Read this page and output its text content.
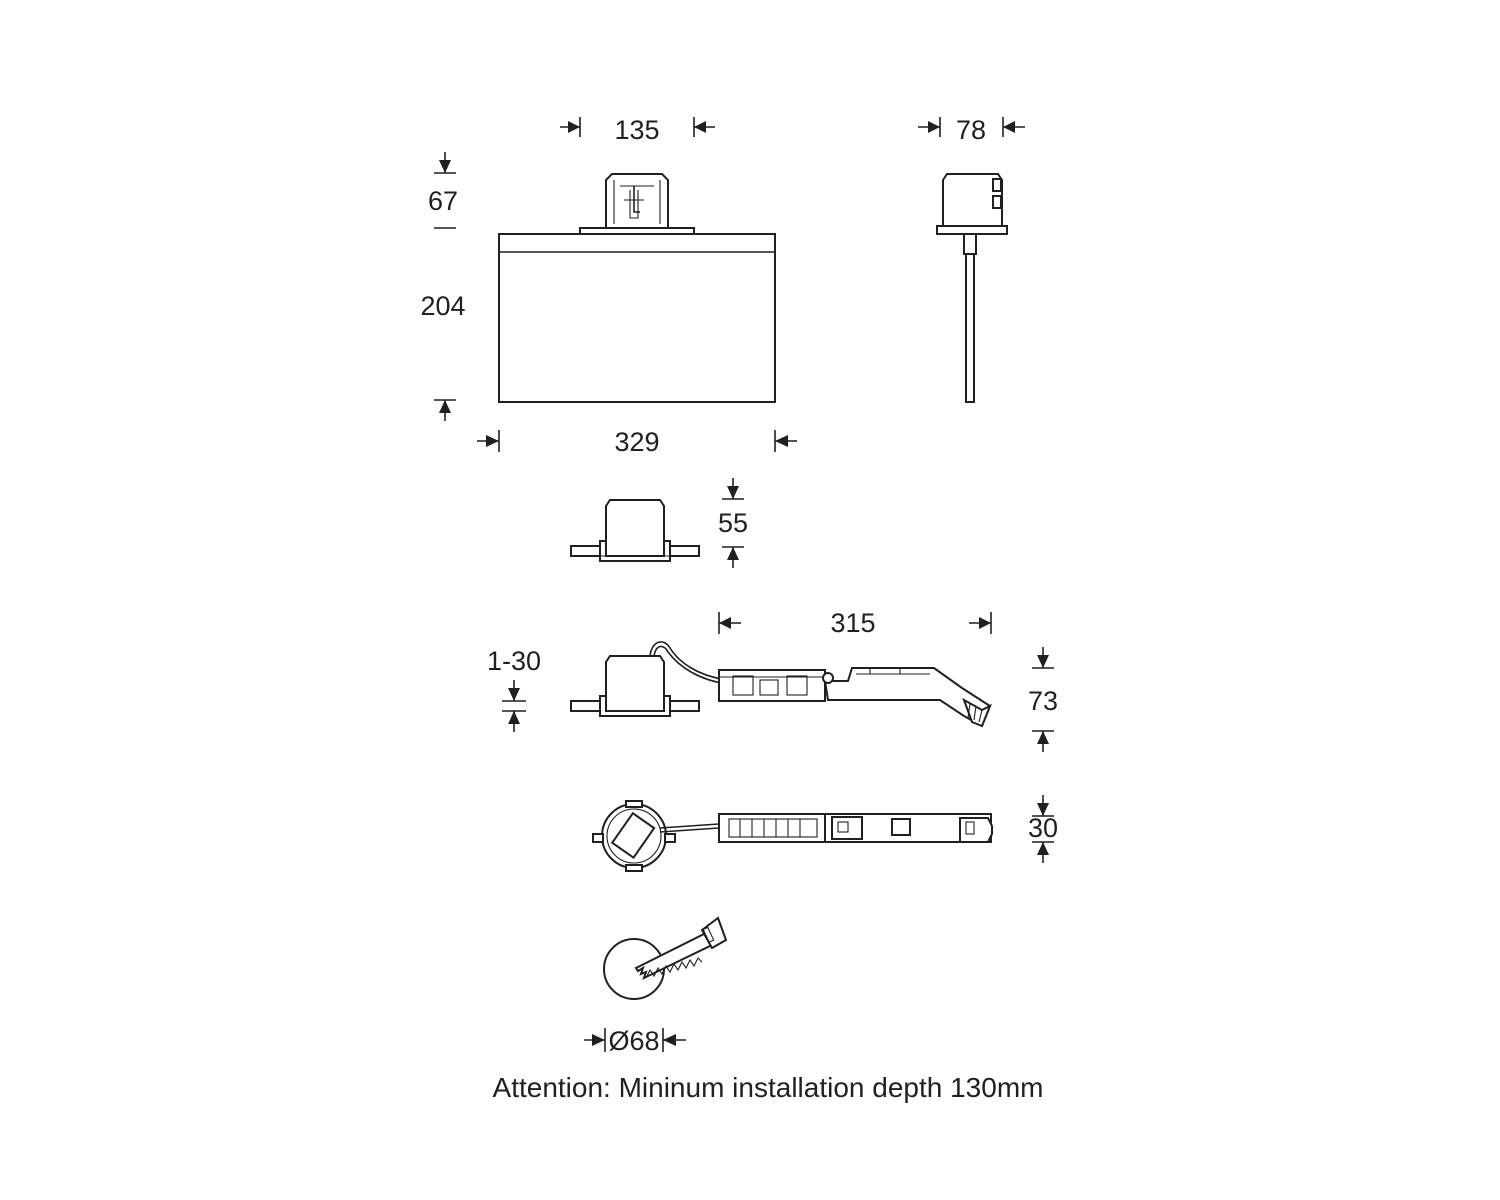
135
67
204
329
78
55
315
1-30
73
30
Ø68
Attention: Mininum installation depth 130mm
